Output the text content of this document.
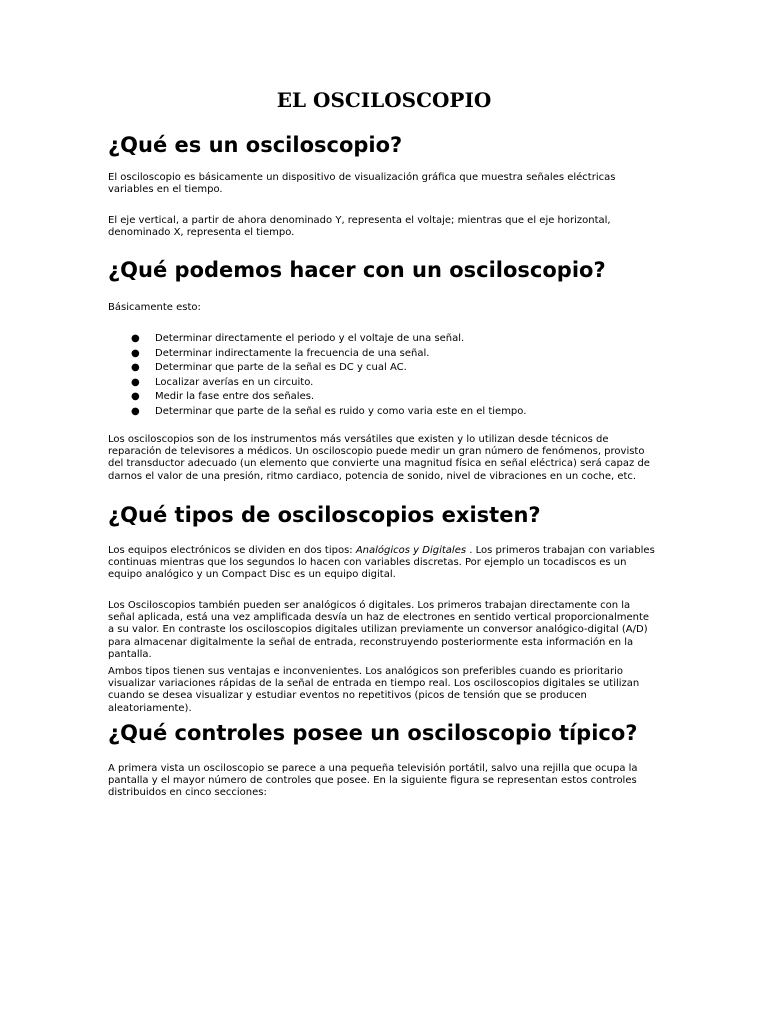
EL OSCILOSCOPIO
¿Qué es un osciloscopio?

El osciloscopio es básicamente un dispositivo de visualización gráfica que muestra señales eléctricas variables en el tiempo.

El eje vertical, a partir de ahora denominado Y, representa el voltaje; mientras que el eje horizontal, denominado X, representa el tiempo.

¿Qué podemos hacer con un osciloscopio?

Básicamente esto:

● Determinar directamente el periodo y el voltaje de una señal.
● Determinar indirectamente la frecuencia de una señal.
● Determinar que parte de la señal es DC y cual AC.
● Localizar averías en un circuito.
● Medir la fase entre dos señales.
● Determinar que parte de la señal es ruido y como varia este en el tiempo.

Los osciloscopios son de los instrumentos más versátiles que existen y lo utilizan desde técnicos de reparación de televisores a médicos. Un osciloscopio puede medir un gran número de fenómenos, provisto del transductor adecuado (un elemento que convierte una magnitud física en señal eléctrica) será capaz de darnos el valor de una presión, ritmo cardiaco, potencia de sonido, nivel de vibraciones en un coche, etc.

¿Qué tipos de osciloscopios existen?

Los equipos electrónicos se dividen en dos tipos: Analógicos y Digitales . Los primeros trabajan con variables continuas mientras que los segundos lo hacen con variables discretas. Por ejemplo un tocadiscos es un equipo analógico y un Compact Disc es un equipo digital.

Los Osciloscopios también pueden ser analógicos ó digitales. Los primeros trabajan directamente con la señal aplicada, está una vez amplificada desvía un haz de electrones en sentido vertical proporcionalmente a su valor. En contraste los osciloscopios digitales utilizan previamente un conversor analógico-digital (A/D) para almacenar digitalmente la señal de entrada, reconstruyendo posteriormente esta información en la pantalla.

Ambos tipos tienen sus ventajas e inconvenientes. Los analógicos son preferibles cuando es prioritario visualizar variaciones rápidas de la señal de entrada en tiempo real. Los osciloscopios digitales se utilizan cuando se desea visualizar y estudiar eventos no repetitivos (picos de tensión que se producen aleatoriamente).

¿Qué controles posee un osciloscopio típico?

A primera vista un osciloscopio se parece a una pequeña televisión portátil, salvo una rejilla que ocupa la pantalla y el mayor número de controles que posee. En la siguiente figura se representan estos controles distribuidos en cinco secciones:
